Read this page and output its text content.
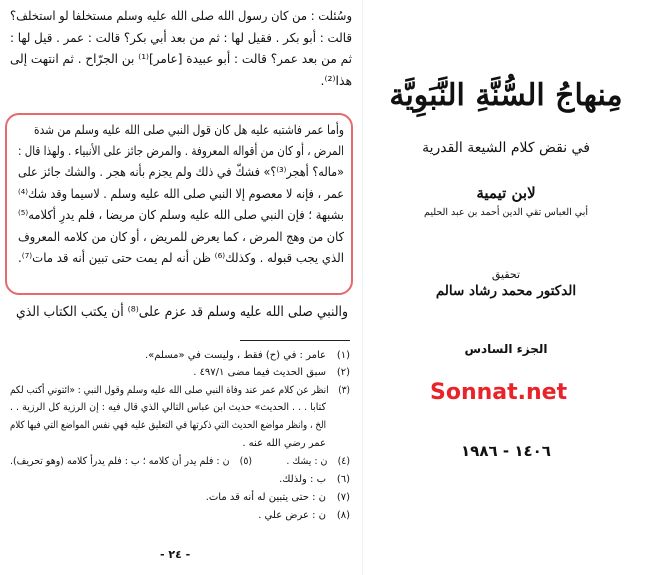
وسُئلت : من كان رسول الله صلى الله عليه وسلم مستخلفا لو استخلف؟
قالت : أبو بكر . فقيل لها : ثم من بعد أبي بكر؟ قالت : عمر . قيل لها :
ثم من بعد عمر؟ قالت : أبو عبيدة [عامر]⁽¹⁾ بن الجرّاح . ثم انتهت إلى
هذا⁽²⁾.
وأما عمر فاشتبه عليه هل كان قول النبي صلى الله عليه وسلم من شدة
المرض ، أو كان من أقواله المعروفة . والمرض جائز على الأنبياء . ولهذا قال :
«ماله؟ أهجر⁽³⁾؟» فشكّ في ذلك ولم يجزم بأنه هجر . والشك جائز على
عمر ، فإنه لا معصوم إلا النبي صلى الله عليه وسلم . لاسيما وقد شك⁽⁴⁾
بشبهة ؛ فإن النبي صلى الله عليه وسلم كان مريضا ، فلم يدرِ أكلامه⁽⁵⁾
كان من وهج المرض ، كما يعرض للمريض ، أو كان من كلامه المعروف
الذي يجب قبوله . وكذلك⁽⁶⁾ ظن أنه لم يمت حتى تبين أنه قد مات⁽⁷⁾.
والنبي صلى الله عليه وسلم قد عزم على⁽⁸⁾ أن يكتب الكتاب الذي
(١)عامر : في (ح) فقط ، وليست في «مسلم».
(٢)سبق الحديث فيما مضى ٤٩٧/١ .
(٣)انظر عن كلام عمر عند وفاة النبي صلى الله عليه وسلم وقول النبي : «ائتوني أكتب لكم
كتابا . . . الحديث» حديث ابن عباس التالي الذي قال فيه : إن الرزية كل الرزية . .
الخ ، وانظر مواضع الحديث التي ذكرتها في التعليق عليه فهي نفس المواضع التي فيها كلام
عمر رضي الله عنه .
(٤)ن : يشك .(٥)ن : فلم يدر أن كلامه ؛ ب : فلم يدرأ كلامه (وهو تحريف).
(٦)ب : ولذلك.
(٧)ن : حتى يتبين له أنه قد مات.
(٨)ن : عرض علي .
- ٢٤ -
مِنهاجُ السُّنَّةِ النَّبَوِيَّة
في نقض كلام الشيعة القدرية
لابن تيمية
أبي العباس تقي الدين أحمد بن عبد الحليم
تحقيق
الدكتور محمد رشاد سالم
الجزء السادس
Sonnat.net
١٤٠٦ - ١٩٨٦
